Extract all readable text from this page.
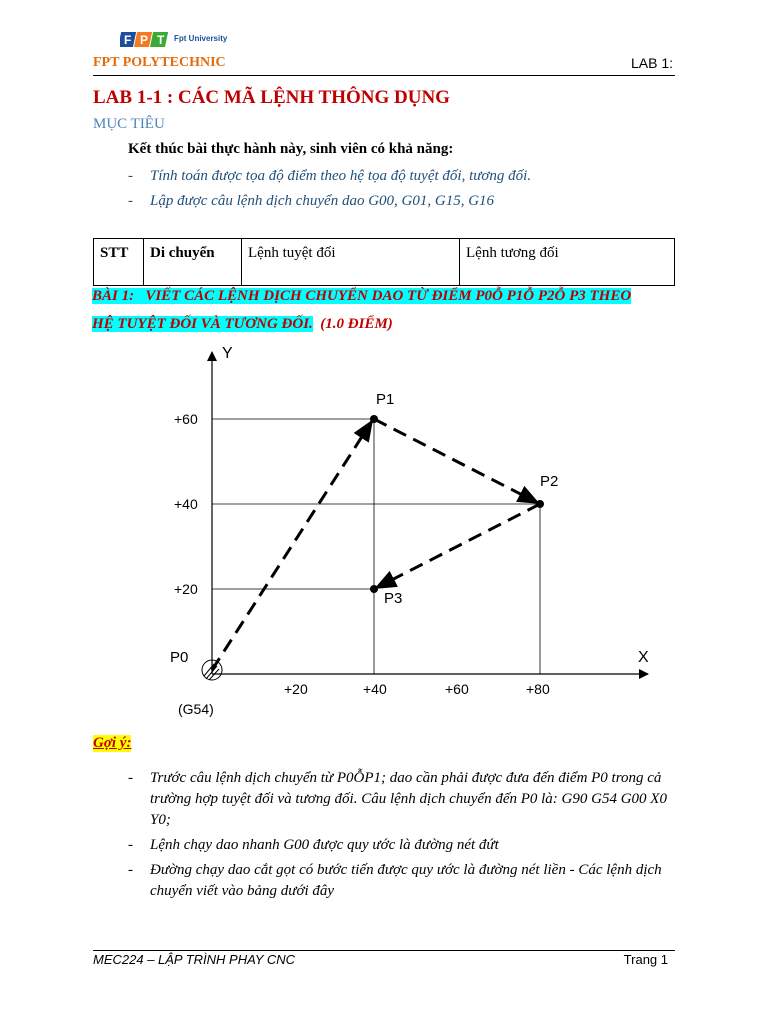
F P T Fpt University
FPT POLYTECHNIC	LAB 1:
LAB 1-1 : CÁC MÃ LỆNH THÔNG DỤNG
MỤC TIÊU
Kết thúc bài thực hành này, sinh viên có khả năng:
- Tính toán được tọa độ điểm theo hệ tọa độ tuyệt đối, tương đối.
- Lập được câu lệnh dịch chuyển dao G00, G01, G15, G16
STT	Di chuyển	Lệnh tuyệt đối	Lệnh tương đối
BÀI 1: VIẾT CÁC LỆNH DỊCH CHUYỂN DAO TỪ ĐIỂM P0Ỗ P1Ỗ P2Ỗ P3 THEO
HỆ TUYỆT ĐỐI VÀ TƯƠNG ĐỐI. (1.0 ĐIỂM)
Y
X
+60
+40
+20
+20	+40	+60	+80
P0
(G54)
P1
P2
P3
Gợi ý:
- Trước câu lệnh dịch chuyển từ P0ỖP1; dao cần phải được đưa đến điểm P0 trong cả trường hợp tuyệt đối và tương đối. Câu lệnh dịch chuyển đến P0 là: G90 G54 G00 X0 Y0;
- Lệnh chạy dao nhanh G00 được quy ước là đường nét đứt
- Đường chạy dao cắt gọt có bước tiến được quy ước là đường nét liền - Các lệnh dịch chuyển viết vào bảng dưới đây
MEC224 – LẬP TRÌNH PHAY CNC	Trang 1
